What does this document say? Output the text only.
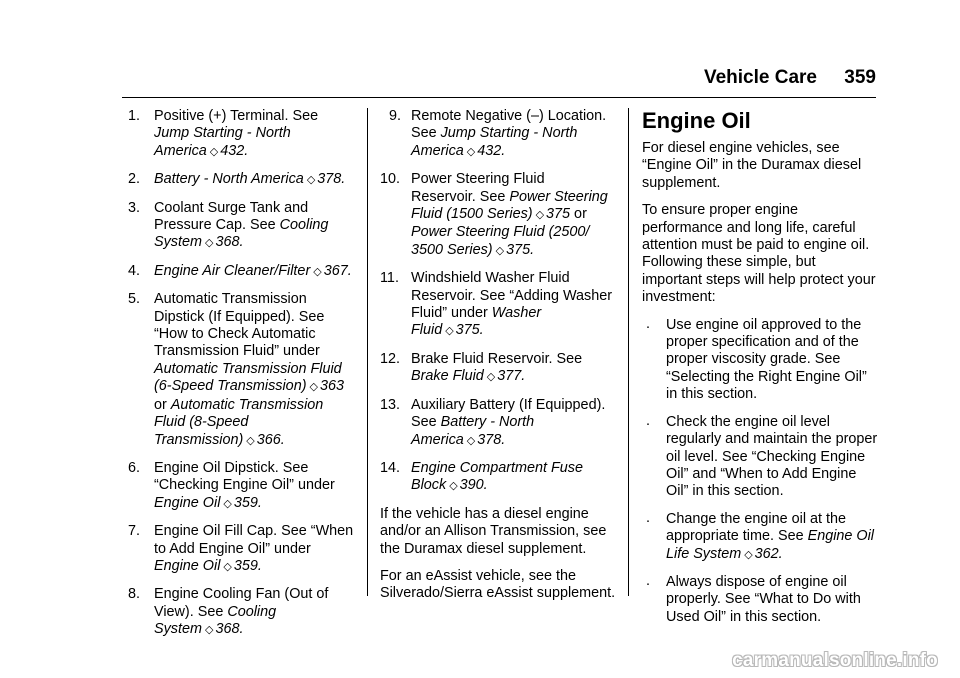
Vehicle Care 359
1. Positive (+) Terminal. See
Jump Starting - North
America ◇ 432.
2. Battery - North America ◇ 378.
3. Coolant Surge Tank and
Pressure Cap. See Cooling
System ◇ 368.
4. Engine Air Cleaner/Filter ◇ 367.
5. Automatic Transmission
Dipstick (If Equipped). See
“How to Check Automatic
Transmission Fluid” under
Automatic Transmission Fluid
(6-Speed Transmission) ◇ 363
or Automatic Transmission
Fluid (8-Speed
Transmission) ◇ 366.
6. Engine Oil Dipstick. See
“Checking Engine Oil” under
Engine Oil ◇ 359.
7. Engine Oil Fill Cap. See “When
to Add Engine Oil” under
Engine Oil ◇ 359.
8. Engine Cooling Fan (Out of
View). See Cooling
System ◇ 368.
9. Remote Negative (–) Location.
See Jump Starting - North
America ◇ 432.
10. Power Steering Fluid
Reservoir. See Power Steering
Fluid (1500 Series) ◇ 375 or
Power Steering Fluid (2500/
3500 Series) ◇ 375.
11. Windshield Washer Fluid
Reservoir. See “Adding Washer
Fluid” under Washer
Fluid ◇ 375.
12. Brake Fluid Reservoir. See
Brake Fluid ◇ 377.
13. Auxiliary Battery (If Equipped).
See Battery - North
America ◇ 378.
14. Engine Compartment Fuse
Block ◇ 390.

If the vehicle has a diesel engine and/or an Allison Transmission, see the Duramax diesel supplement.

For an eAssist vehicle, see the Silverado/Sierra eAssist supplement.

Engine Oil

For diesel engine vehicles, see “Engine Oil” in the Duramax diesel supplement.

To ensure proper engine performance and long life, careful attention must be paid to engine oil. Following these simple, but important steps will help protect your investment:

. Use engine oil approved to the proper specification and of the proper viscosity grade. See “Selecting the Right Engine Oil” in this section.
. Check the engine oil level regularly and maintain the proper oil level. See “Checking Engine Oil” and “When to Add Engine Oil” in this section.
. Change the engine oil at the appropriate time. See Engine Oil Life System ◇ 362.
. Always dispose of engine oil properly. See “What to Do with Used Oil” in this section.
carmanualsonline.info
